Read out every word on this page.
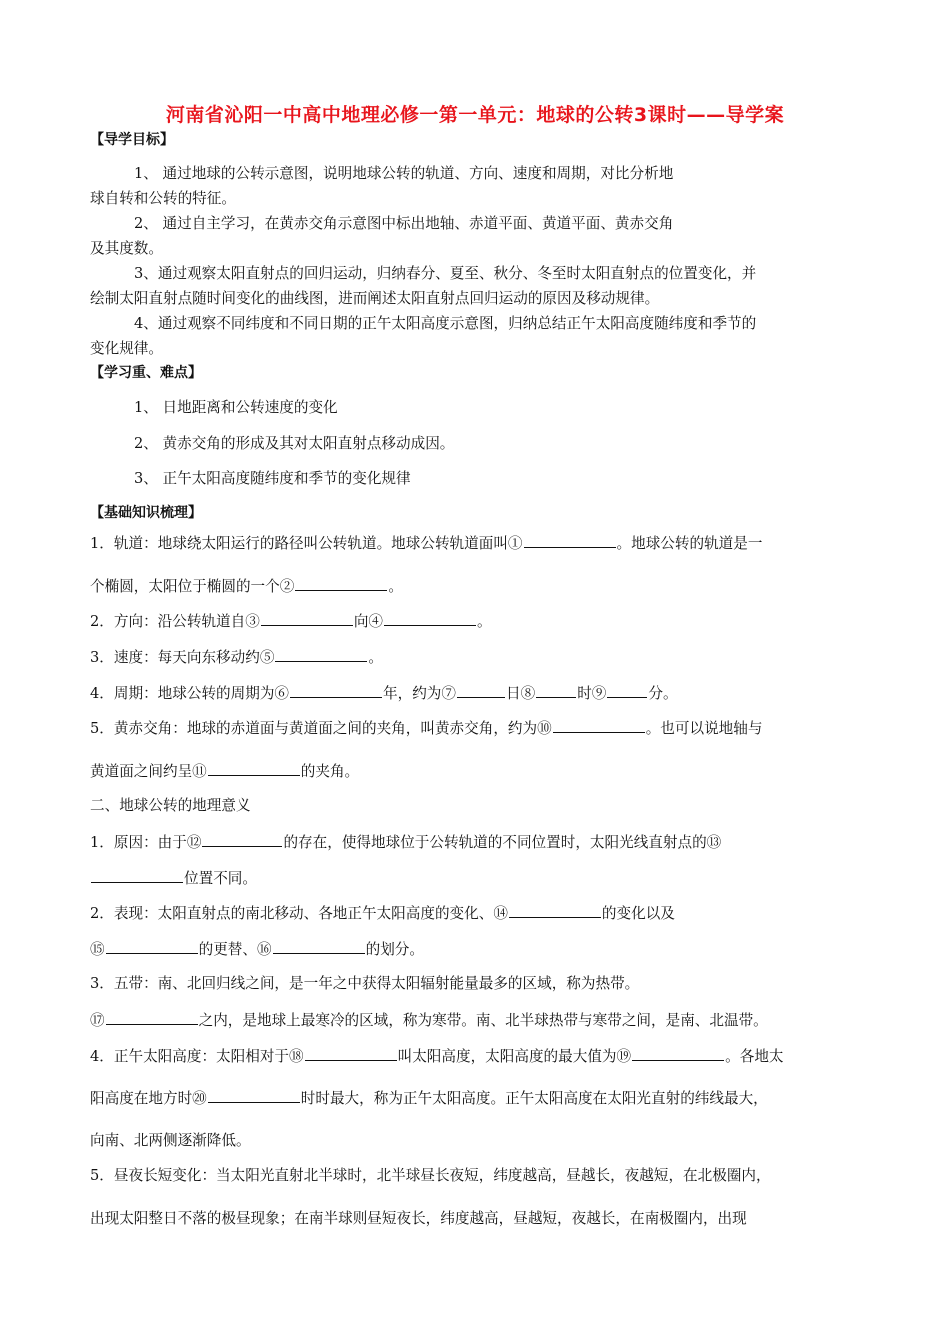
河南省沁阳一中高中地理必修一第一单元：地球的公转3课时——导学案
【导学目标】
1、 通过地球的公转示意图，说明地球公转的轨道、方向、速度和周期，对比分析地
球自转和公转的特征。
2、 通过自主学习，在黄赤交角示意图中标出地轴、赤道平面、黄道平面、黄赤交角
及其度数。
3、通过观察太阳直射点的回归运动，归纳春分、夏至、秋分、冬至时太阳直射点的位置变化，并
绘制太阳直射点随时间变化的曲线图，进而阐述太阳直射点回归运动的原因及移动规律。
4、通过观察不同纬度和不同日期的正午太阳高度示意图，归纳总结正午太阳高度随纬度和季节的
变化规律。
【学习重、难点】
1、 日地距离和公转速度的变化
2、 黄赤交角的形成及其对太阳直射点移动成因。
3、 正午太阳高度随纬度和季节的变化规律
【基础知识梳理】
1．轨道：地球绕太阳运行的路径叫公转轨道。地球公转轨道面叫①	。地球公转的轨道是一
个椭圆，太阳位于椭圆的一个②	。
2．方向：沿公转轨道自③	向④	。
3．速度：每天向东移动约⑤	。
4．周期：地球公转的周期为⑥	年，约为⑦	日⑧	时⑨	分。
5．黄赤交角：地球的赤道面与黄道面之间的夹角，叫黄赤交角，约为⑩	。也可以说地轴与
黄道面之间约呈⑪	的夹角。
二、地球公转的地理意义
1．原因：由于⑫	的存在，使得地球位于公转轨道的不同位置时，太阳光线直射点的⑬
位置不同。
2．表现：太阳直射点的南北移动、各地正午太阳高度的变化、⑭	的变化以及
⑮	的更替、⑯	的划分。
3．五带：南、北回归线之间，是一年之中获得太阳辐射能量最多的区域，称为热带。
⑰	之内，是地球上最寒冷的区域，称为寒带。南、北半球热带与寒带之间，是南、北温带。
4．正午太阳高度：太阳相对于⑱	叫太阳高度，太阳高度的最大值为⑲	。各地太
阳高度在地方时⑳	时时最大，称为正午太阳高度。正午太阳高度在太阳光直射的纬线最大，
向南、北两侧逐渐降低。
5．昼夜长短变化：当太阳光直射北半球时，北半球昼长夜短，纬度越高，昼越长，夜越短，在北极圈内，
出现太阳整日不落的极昼现象；在南半球则昼短夜长，纬度越高，昼越短，夜越长，在南极圈内，出现
